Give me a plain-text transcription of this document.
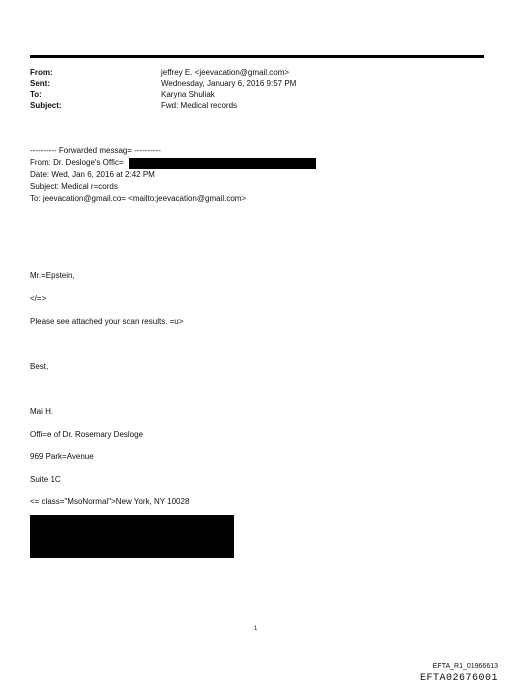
From:	jeffrey E. <jeevacation@gmail.com>
Sent:	Wednesday, January 6, 2016 9:57 PM
To:	Karyna Shuliak
Subject:	Fwd: Medical records
---------- Forwarded messag= ----------
From: Dr. Desloge's Offic=
Date: Wed, Jan 6, 2016 at 2:42 PM
Subject: Medical r=cords
To: jeevacation@gmail.co= <mailto:jeevacation@gmail.com>
Mr.=Epstein,
</=>
Please see attached your scan results. =u>
Best,
Mai H.
Offi=e of Dr. Rosemary Desloge
969 Park=Avenue
Suite 1C
<= class="MsoNormal">New York, NY 10028
1
EFTA_R1_01966613
EFTA02676001
